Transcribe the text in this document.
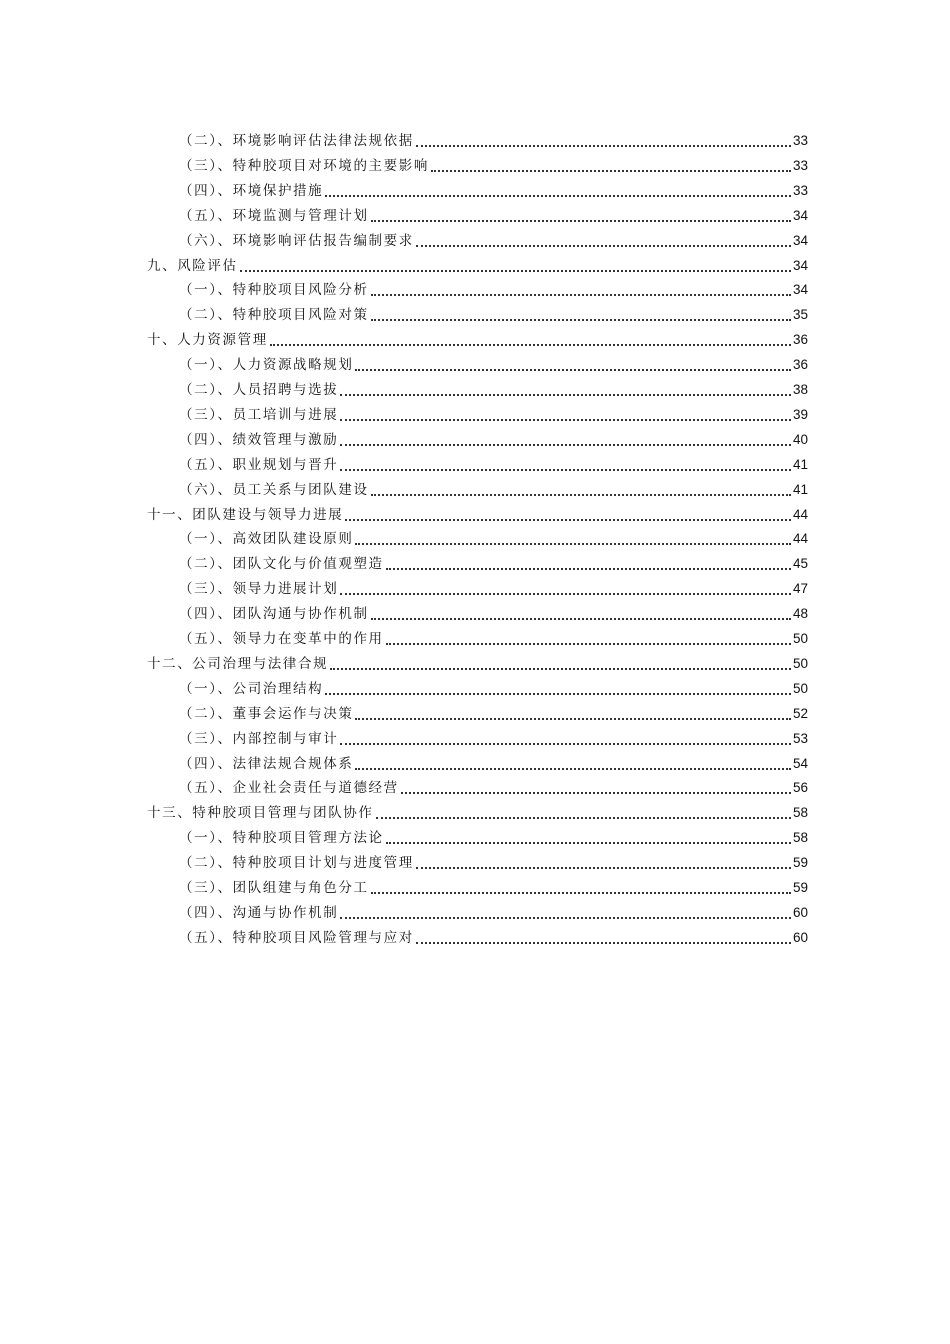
（二）、环境影响评估法律法规依据	33
（三）、特种胶项目对环境的主要影响	33
（四）、环境保护措施	33
（五）、环境监测与管理计划	34
（六）、环境影响评估报告编制要求	34
九、风险评估	34
（一）、特种胶项目风险分析	34
（二）、特种胶项目风险对策	35
十、人力资源管理	36
（一）、人力资源战略规划	36
（二）、人员招聘与选拔	38
（三）、员工培训与进展	39
（四）、绩效管理与激励	40
（五）、职业规划与晋升	41
（六）、员工关系与团队建设	41
十一、团队建设与领导力进展	44
（一）、高效团队建设原则	44
（二）、团队文化与价值观塑造	45
（三）、领导力进展计划	47
（四）、团队沟通与协作机制	48
（五）、领导力在变革中的作用	50
十二、公司治理与法律合规	50
（一）、公司治理结构	50
（二）、董事会运作与决策	52
（三）、内部控制与审计	53
（四）、法律法规合规体系	54
（五）、企业社会责任与道德经营	56
十三、特种胶项目管理与团队协作	58
（一）、特种胶项目管理方法论	58
（二）、特种胶项目计划与进度管理	59
（三）、团队组建与角色分工	59
（四）、沟通与协作机制	60
（五）、特种胶项目风险管理与应对	60
